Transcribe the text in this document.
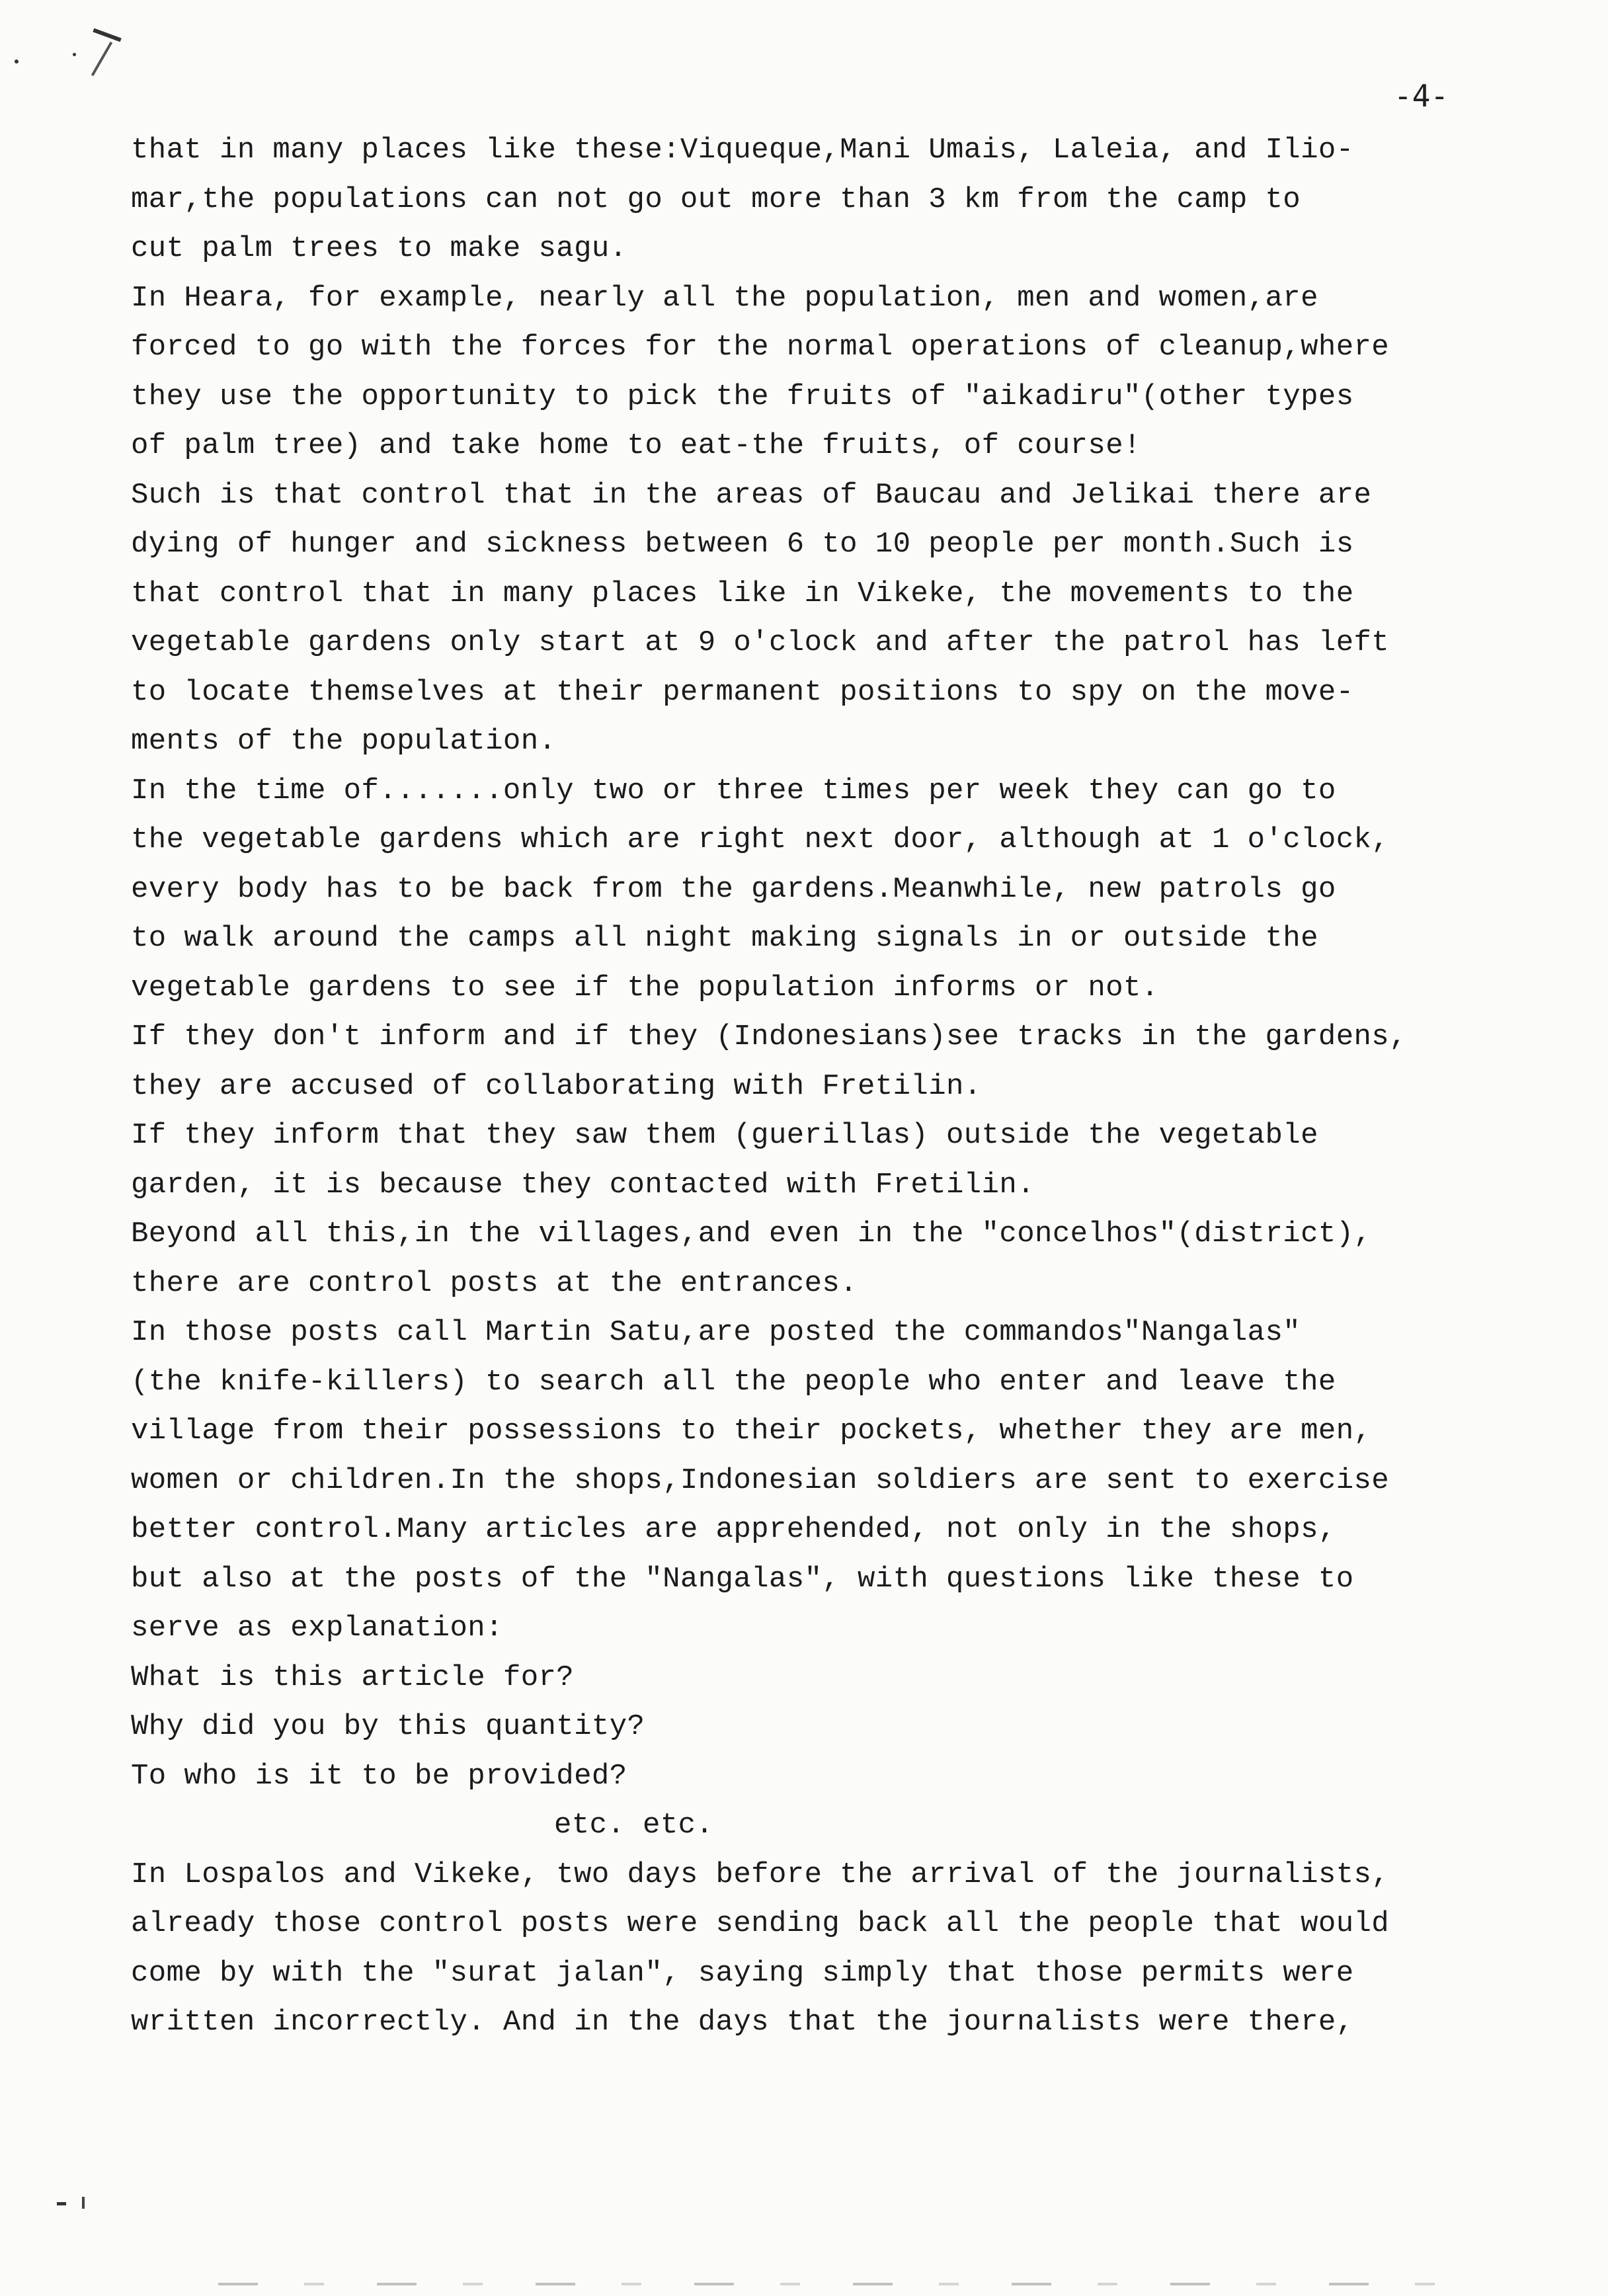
-4-
that in many places like these:Viqueque,Mani Umais, Laleia, and Ilio-
mar,the populations can not go out more than 3 km from the camp to
cut palm trees to make sagu.
In Heara, for example, nearly all the population, men and women,are
forced to go with the forces for the normal operations of cleanup,where
they use the opportunity to pick the fruits of "aikadiru"(other types
of palm tree) and take home to eat-the fruits, of course!
Such is that control that in the areas of Baucau and Jelikai there are
dying of hunger and sickness between 6 to 10 people per month.Such is
that control that in many places like in Vikeke, the movements to the
vegetable gardens only start at 9 o'clock and after the patrol has left
to locate themselves at their permanent positions to spy on the move-
ments of the population.
In the time of.......only two or three times per week they can go to
the vegetable gardens which are right next door, although at 1 o'clock,
every body has to be back from the gardens.Meanwhile, new patrols go
to walk around the camps all night making signals in or outside the
vegetable gardens to see if the population informs or not.
If they don't inform and if they (Indonesians)see tracks in the gardens,
they are accused of collaborating with Fretilin.
If they inform that they saw them (guerillas) outside the vegetable
garden, it is because they contacted with Fretilin.
Beyond all this,in the villages,and even in the "concelhos"(district),
there are control posts at the entrances.
In those posts call Martin Satu,are posted the commandos"Nangalas"
(the knife-killers) to search all the people who enter and leave the
village from their possessions to their pockets, whether they are men,
women or children.In the shops,Indonesian soldiers are sent to exercise
better control.Many articles are apprehended, not only in the shops,
but also at the posts of the "Nangalas", with questions like these to
serve as explanation:
What is this article for?
Why did you by this quantity?
To who is it to be provided?
etc. etc.
In Lospalos and Vikeke, two days before the arrival of the journalists,
already those control posts were sending back all the people that would
come by with the "surat jalan", saying simply that those permits were
written incorrectly. And in the days that the journalists were there,
